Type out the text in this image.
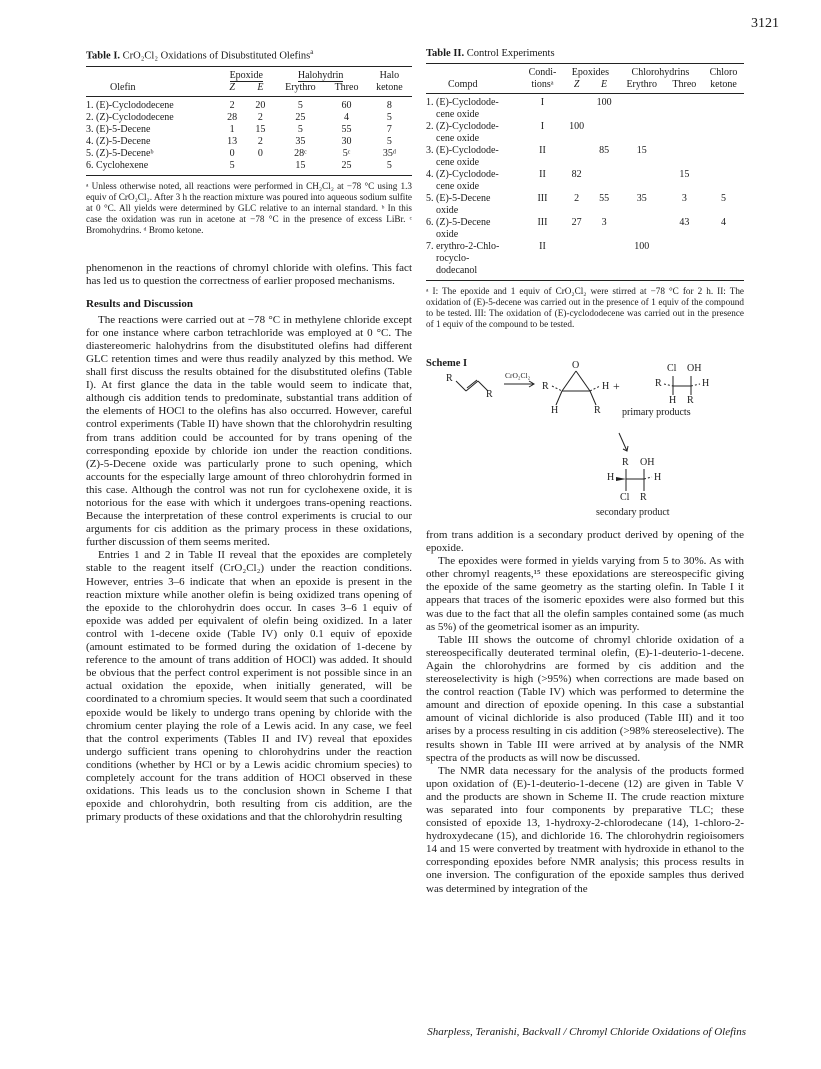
3121
Table I. CrO₂Cl₂ Oxidations of Disubstituted Olefins$^a$
	Epoxide		Halohydrin		Halo
Olefin	Z	E	Erythro	Threo	ketone
1. (E)-Cyclododecene	2	20	5	60	8
2. (Z)-Cyclododecene	28	2	25	4	5
3. (E)-5-Decene	1	15	5	55	7
4. (Z)-5-Decene	13	2	35	30	5
5. (Z)-5-Deceneᵇ	0	0	28ᶜ	5ᶜ	35ᵈ
6. Cyclohexene	5		15	25	5
ᵃ Unless otherwise noted, all reactions were performed in CH₂Cl₂ at −78 °C using 1.3 equiv of CrO₂Cl₂. After 3 h the reaction mixture was poured into aqueous sodium sulfite at 0 °C. All yields were determined by GLC relative to an internal standard. ᵇ In this case the oxidation was run in acetone at −78 °C in the presence of excess LiBr. ᶜ Bromohydrins. ᵈ Bromo ketone.
phenomenon in the reactions of chromyl chloride with olefins. This fact has led us to question the correctness of earlier proposed mechanisms.
Results and Discussion
The reactions were carried out at −78 °C in methylene chloride except for one instance where carbon tetrachloride was employed at 0 °C. The diastereomeric halohydrins from the disubstituted olefins had different GLC retention times and were thus readily analyzed by this method. We shall first discuss the results obtained for the disubstituted olefins (Table I). At first glance the data in the table would seem to indicate that, although cis addition tends to predominate, substantial trans addition of the elements of HOCl to the olefins has also occurred. However, careful control experiments (Table II) have shown that the chlorohydrin resulting from trans addition could be accounted for by trans opening of the corresponding epoxide by chloride ion under the reaction conditions. (Z)-5-Decene oxide was particularly prone to such opening, which accounts for the especially large amount of threo chlorohydrin formed in this case. Although the control was not run for cyclohexene oxide, it is notorious for the ease with which it undergoes trans-opening reactions. Because the interpretation of these control experiments is crucial to our arguments for cis addition as the primary process in these oxidations, further discussion of them seems merited.
Entries 1 and 2 in Table II reveal that the epoxides are completely stable to the reagent itself (CrO₂Cl₂) under the reaction conditions. However, entries 3–6 indicate that when an epoxide is present in the reaction mixture while another olefin is being oxidized trans opening of the epoxide to the chlorohydrin does occur. In cases 3–6 1 equiv of epoxide was added per equivalent of olefin being oxidized. In a later control with 1-decene oxide (Table IV) only 0.1 equiv of epoxide (amount estimated to be formed during the oxidation of 1-decene by reference to the amount of trans addition of HOCl) was added. It should be obvious that the perfect control experiment is not possible since in an actual oxidation the epoxide, when initially generated, will be coordinated to a chromium species. It would seem that such a coordinated epoxide would be likely to undergo trans opening by chloride with the chromium center playing the role of a Lewis acid. In any case, we feel that the control experiments (Tables II and IV) reveal that epoxides undergo sufficient trans opening to chlorohydrins under the reaction conditions (whether by HCl or by a Lewis acidic chromium species) to completely account for the trans addition of HOCl observed in these oxidations. This leads us to the conclusion shown in Scheme I that epoxide and chlorohydrin, both resulting from cis addition, are the primary products of these oxidations and that the chlorohydrin resulting
Table II. Control Experiments
	Condi-	Epoxides		Chlorohydrins		Chloro
Compd	tionsᵃ	Z	E	Erythro	Threo	ketone

1. (E)-Cyclodode-
cene oxide	I		100			

2. (Z)-Cyclodode-
cene oxide	I	100				

3. (E)-Cyclodode-
cene oxide	II		85	15		

4. (Z)-Cyclodode-
cene oxide	II	82			15	

5. (E)-5-Decene
oxide	III	2	55	35	3	5

6. (Z)-5-Decene
oxide	III	27	3		43	4

7. erythro-2-Chlo-
rocyclo-
dodecanol	II			100		
ᵃ I: The epoxide and 1 equiv of CrO₂Cl₂ were stirred at −78 °C for 2 h. II: The oxidation of (E)-5-decene was carried out in the presence of 1 equiv of the compound to be tested. III: The oxidation of (E)-cyclododecene was carried out in the presence of 1 equiv of the compound to be tested.
Scheme I
R
R
CrO₂Cl₂
R
O
H
H	R
+	R
Cl OH
H
H R
primary products
R OH
H	H
Cl R
secondary product
from trans addition is a secondary product derived by opening of the epoxide.
The epoxides were formed in yields varying from 5 to 30%. As with other chromyl reagents,¹⁵ these epoxidations are stereospecific giving the epoxide of the same geometry as the starting olefin. In Table I it appears that traces of the isomeric epoxides were also formed but this was due to the fact that all the olefin samples contained some (as much as 5%) of the geometrical isomer as an impurity.
Table III shows the outcome of chromyl chloride oxidation of a stereospecifically deuterated terminal olefin, (E)-1-deuterio-1-decene. Again the chlorohydrins are formed by cis addition and the stereoselectivity is high (>95%) when corrections are made based on the control reaction (Table IV) which was performed to determine the amount and direction of epoxide opening. In this case a substantial amount of vicinal dichloride is also produced (Table III) and it too arises by a process resulting in cis addition (>98% stereoselective). The results shown in Table III were arrived at by analysis of the NMR spectra of the products as will now be discussed.
The NMR data necessary for the analysis of the products formed upon oxidation of (E)-1-deuterio-1-decene (12) are given in Table V and the products are shown in Scheme II. The crude reaction mixture was separated into four components by preparative TLC; these consisted of epoxide 13, 1-hydroxy-2-chlorodecane (14), 1-chloro-2-hydroxydecane (15), and dichloride 16. The chlorohydrin regioisomers 14 and 15 were converted by treatment with hydroxide in ethanol to the corresponding epoxides before NMR analysis; this process results in one inversion. The configuration of the epoxide samples thus derived was determined by integration of the
Sharpless, Teranishi, Backvall / Chromyl Chloride Oxidations of Olefins
